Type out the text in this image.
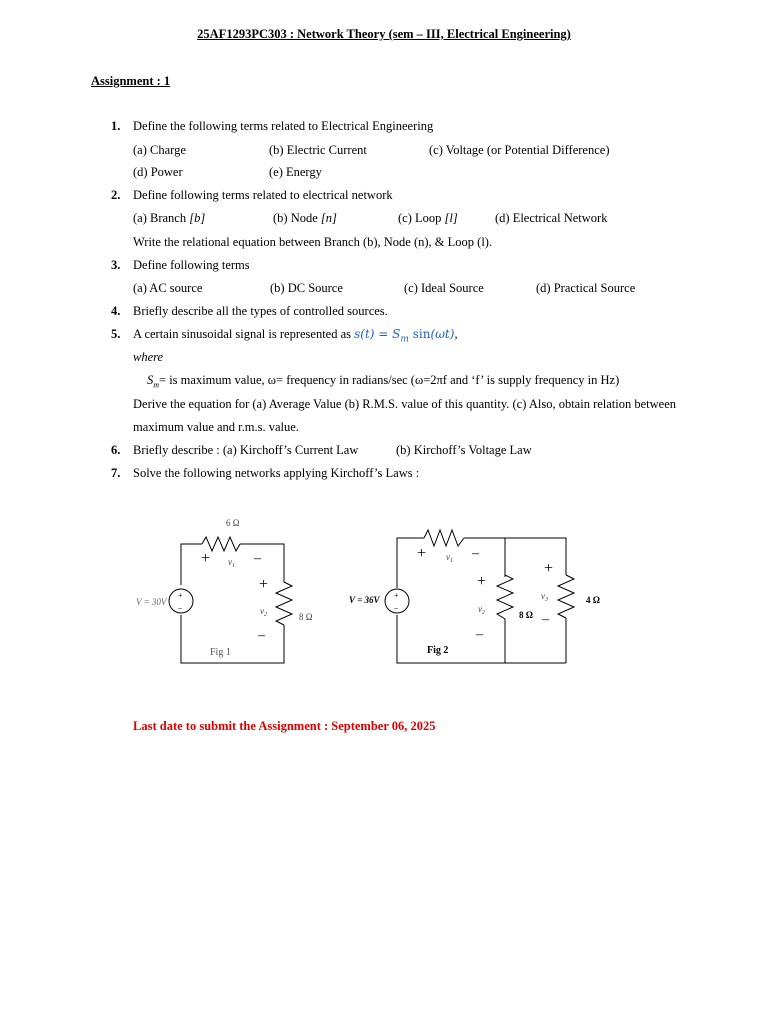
25AF1293PC303 : Network Theory (sem – III, Electrical Engineering)
Assignment : 1
1. Define the following terms related to Electrical Engineering
(a) Charge	(b) Electric Current	(c) Voltage (or Potential Difference)
(d) Power	(e) Energy
2. Define following terms related to electrical network
(a) Branch [b]	(b) Node [n]	(c) Loop [l]	(d) Electrical Network
Write the relational equation between Branch (b), Node (n), & Loop (l).
3. Define following terms
(a) AC source	(b) DC Source	(c) Ideal Source	(d) Practical Source
4. Briefly describe all the types of controlled sources.
5. A certain sinusoidal signal is represented as $s(t) = S_m$ sin(ωt),
where
$S_m=$ is maximum value, ω= frequency in radians/sec (ω=2πf and ‘f’ is supply frequency in Hz)
Derive the equation for (a) Average Value (b) R.M.S. value of this quantity. (c) Also, obtain relation between
maximum value and r.m.s. value.
6. Briefly describe : (a) Kirchoff’s Current Law	(b) Kirchoff’s Voltage Law
7. Solve the following networks applying Kirchoff’s Laws :
+
–
6 Ω
+	–
$v_1$
+
$v_2$
–
8 Ω
V = 30V
Fig 1
+
–
V = 36V
+ $v_1$ –
+
$v_2$
–
8 Ω
+
$v_3$
–
4 Ω
Fig 2
Last date to submit the Assignment : September 06, 2025
